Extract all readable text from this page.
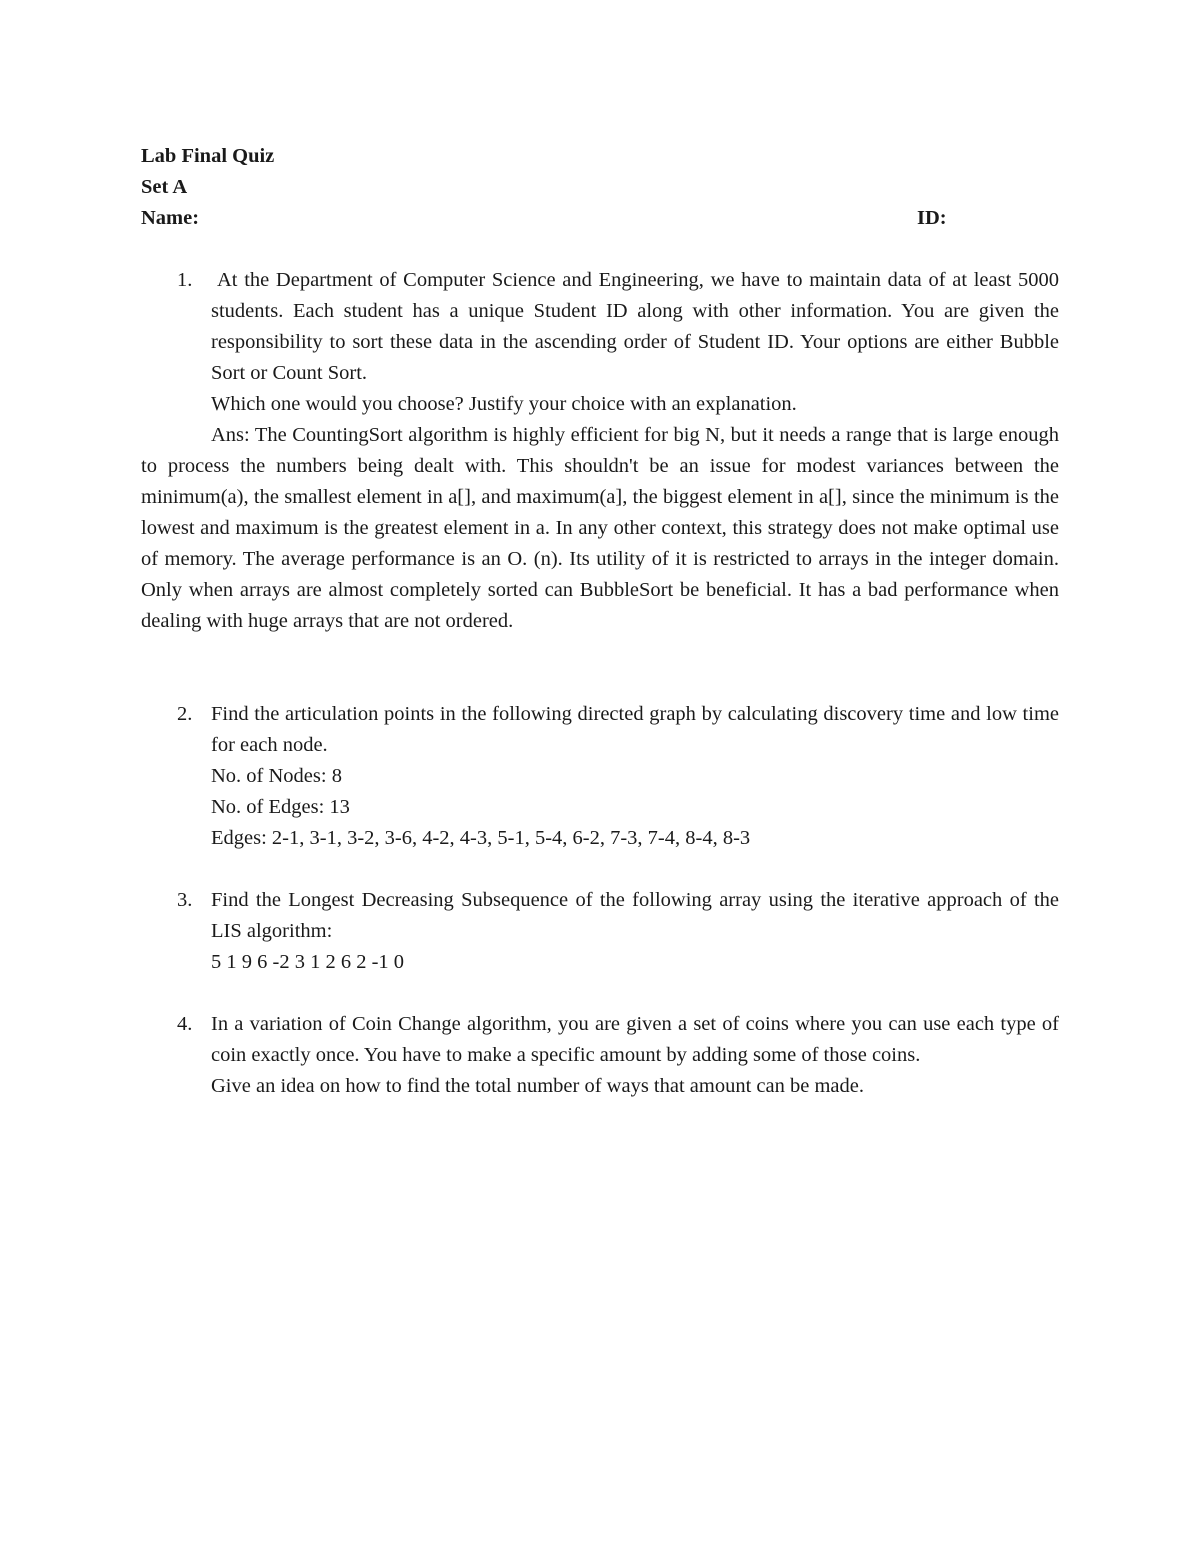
Lab Final Quiz
Set A
Name:	ID:
1. At the Department of Computer Science and Engineering, we have to maintain data of at least 5000 students. Each student has a unique Student ID along with other information. You are given the responsibility to sort these data in the ascending order of Student ID. Your options are either Bubble Sort or Count Sort.

Which one would you choose? Justify your choice with an explanation.

Ans: The CountingSort algorithm is highly efficient for big N, but it needs a range that is large enough to process the numbers being dealt with. This shouldn't be an issue for modest variances between the minimum(a), the smallest element in a[], and maximum(a], the biggest element in a[], since the minimum is the lowest and maximum is the greatest element in a. In any other context, this strategy does not make optimal use of memory. The average performance is an O. (n). Its utility of it is restricted to arrays in the integer domain. Only when arrays are almost completely sorted can BubbleSort be beneficial. It has a bad performance when dealing with huge arrays that are not ordered.

2. Find the articulation points in the following directed graph by calculating discovery time and low time for each node.

No. of Nodes: 8

No. of Edges: 13

Edges: 2-1, 3-1, 3-2, 3-6, 4-2, 4-3, 5-1, 5-4, 6-2, 7-3, 7-4, 8-4, 8-3

3. Find the Longest Decreasing Subsequence of the following array using the iterative approach of the LIS algorithm:

5 1 9 6 -2 3 1 2 6 2 -1 0

4. In a variation of Coin Change algorithm, you are given a set of coins where you can use each type of coin exactly once. You have to make a specific amount by adding some of those coins.

Give an idea on how to find the total number of ways that amount can be made.
